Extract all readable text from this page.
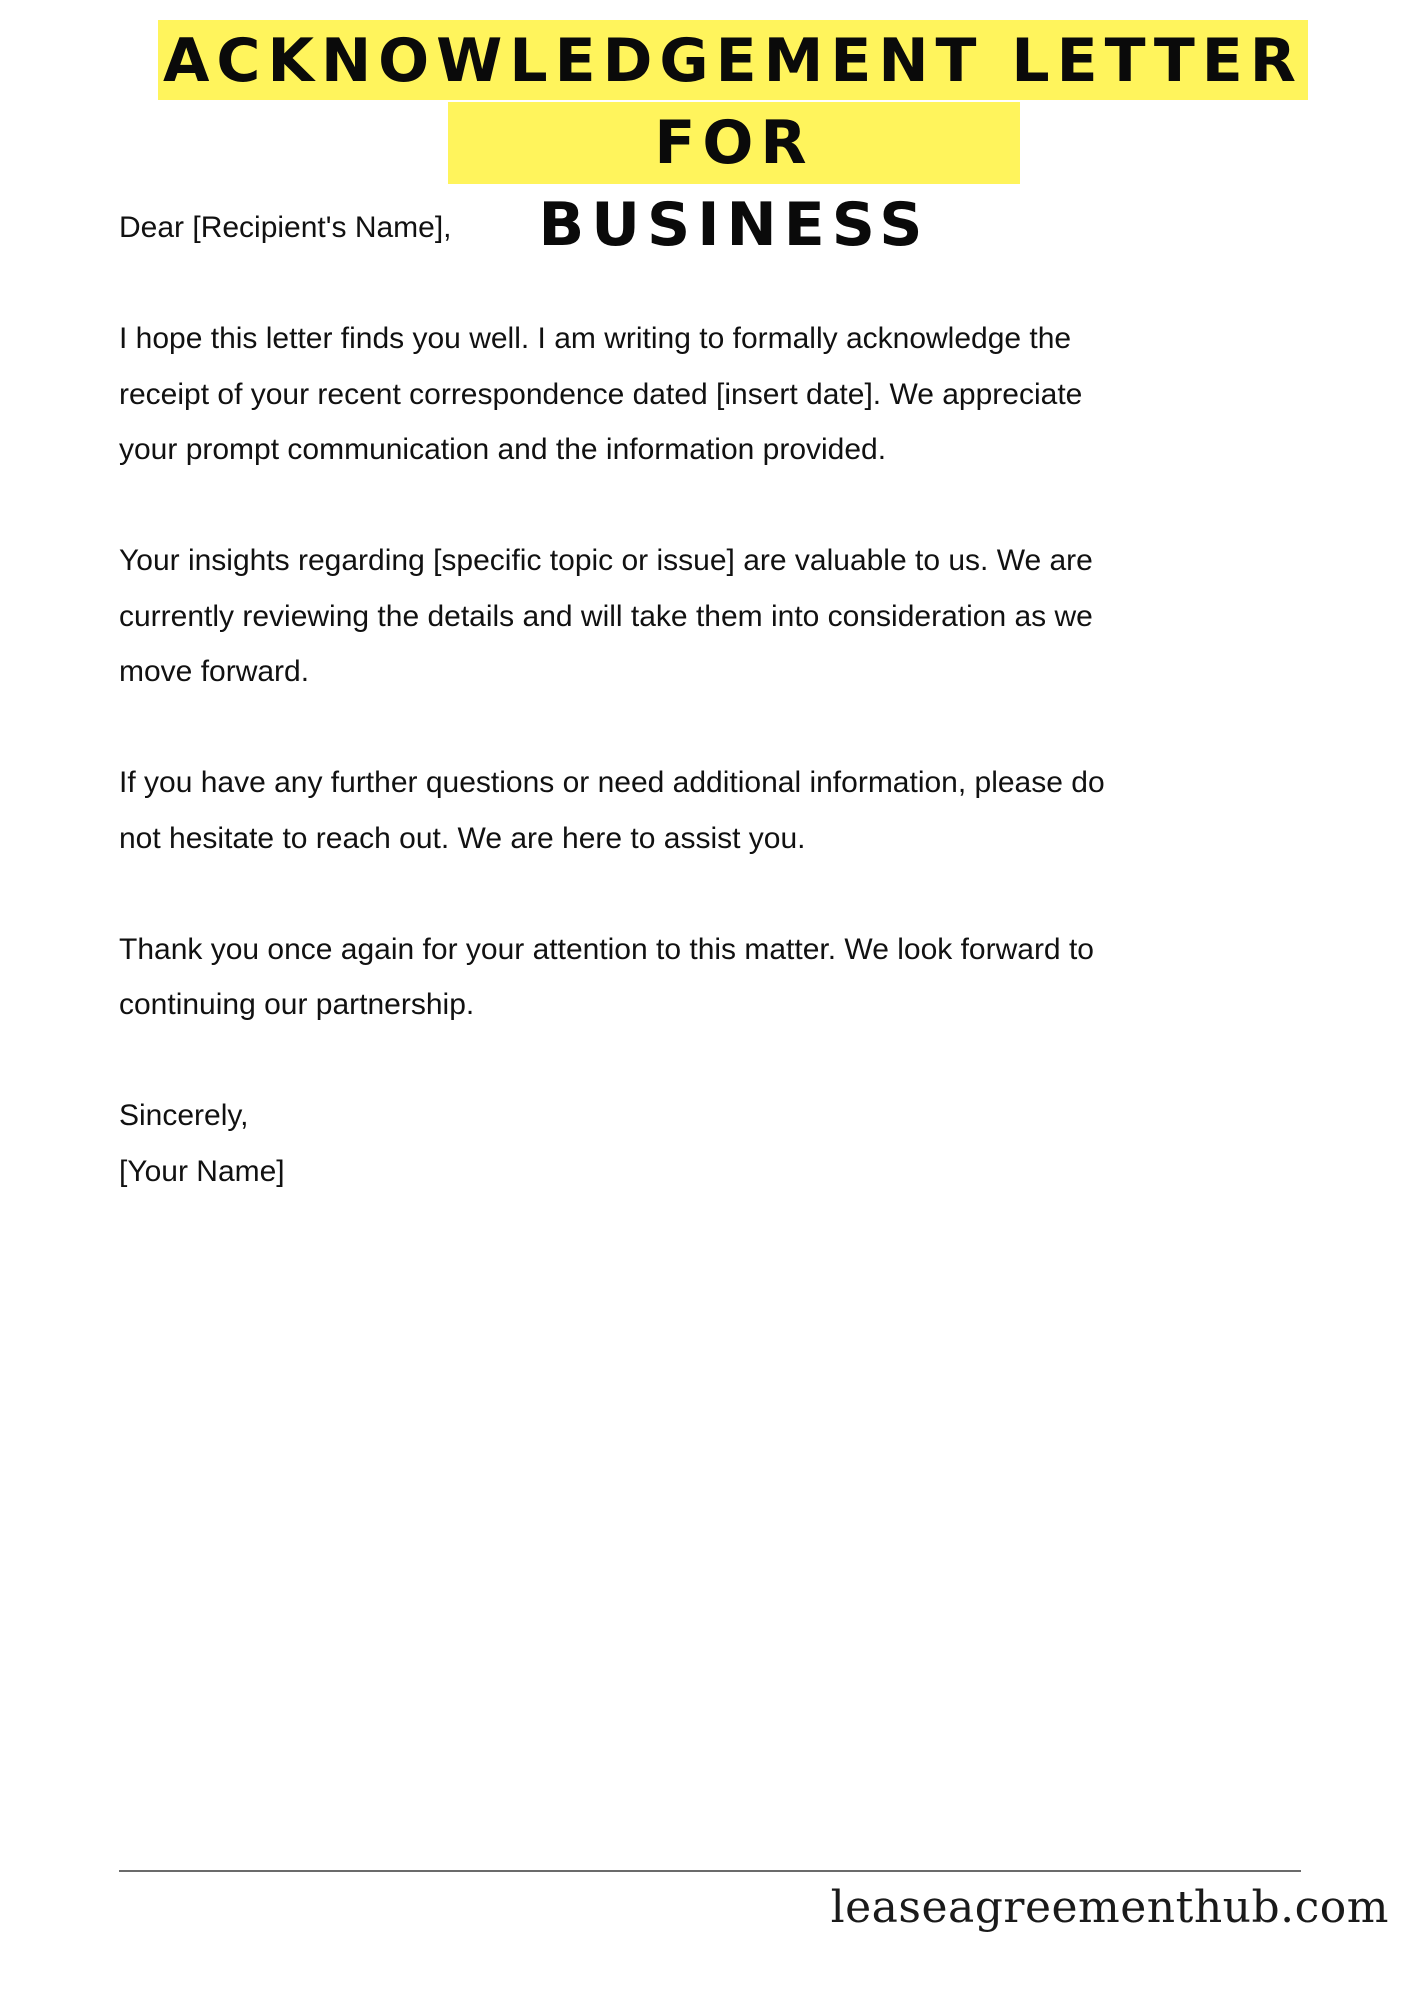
ACKNOWLEDGEMENT LETTER
FOR BUSINESS

Dear [Recipient's Name],

I hope this letter finds you well. I am writing to formally acknowledge the

receipt of your recent correspondence dated [insert date]. We appreciate

your prompt communication and the information provided.

Your insights regarding [specific topic or issue] are valuable to us. We are

currently reviewing the details and will take them into consideration as we

move forward.

If you have any further questions or need additional information, please do

not hesitate to reach out. We are here to assist you.

Thank you once again for your attention to this matter. We look forward to

continuing our partnership.

Sincerely,

[Your Name]

leaseagreementhub.com
